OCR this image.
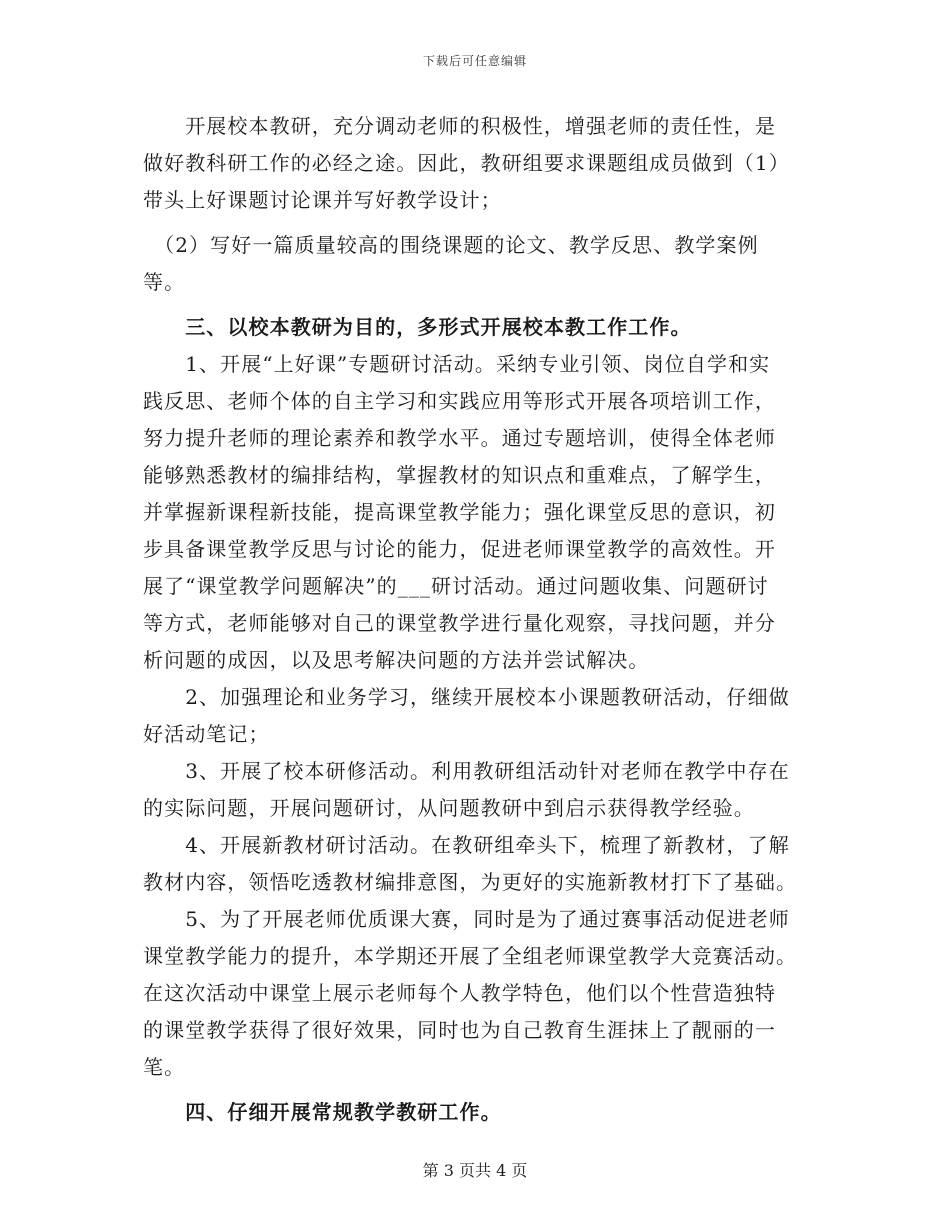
下载后可任意编辑
　　开展校本教研，充分调动老师的积极性，增强老师的责任性，是
做好教科研工作的必经之途。因此，教研组要求课题组成员做到（1）
带头上好课题讨论课并写好教学设计；
　（2）写好一篇质量较高的围绕课题的论文、教学反思、教学案例
等。
　　三、以校本教研为目的，多形式开展校本教工作工作。
　　1、开展“上好课”专题研讨活动。采纳专业引领、岗位自学和实
践反思、老师个体的自主学习和实践应用等形式开展各项培训工作，
努力提升老师的理论素养和教学水平。通过专题培训，使得全体老师
能够熟悉教材的编排结构，掌握教材的知识点和重难点，了解学生，
并掌握新课程新技能，提高课堂教学能力；强化课堂反思的意识，初
步具备课堂教学反思与讨论的能力，促进老师课堂教学的高效性。开
展了“课堂教学问题解决”的___研讨活动。通过问题收集、问题研讨
等方式，老师能够对自己的课堂教学进行量化观察，寻找问题，并分
析问题的成因，以及思考解决问题的方法并尝试解决。
　　2、加强理论和业务学习，继续开展校本小课题教研活动，仔细做
好活动笔记；
　　3、开展了校本研修活动。利用教研组活动针对老师在教学中存在
的实际问题，开展问题研讨，从问题教研中到启示获得教学经验。
　　4、开展新教材研讨活动。在教研组牵头下，梳理了新教材，了解
教材内容，领悟吃透教材编排意图，为更好的实施新教材打下了基础。
　　5、为了开展老师优质课大赛，同时是为了通过赛事活动促进老师
课堂教学能力的提升，本学期还开展了全组老师课堂教学大竞赛活动。
在这次活动中课堂上展示老师每个人教学特色，他们以个性营造独特
的课堂教学获得了很好效果，同时也为自己教育生涯抹上了靓丽的一
笔。
　　四、仔细开展常规教学教研工作。
第 3 页共 4 页
